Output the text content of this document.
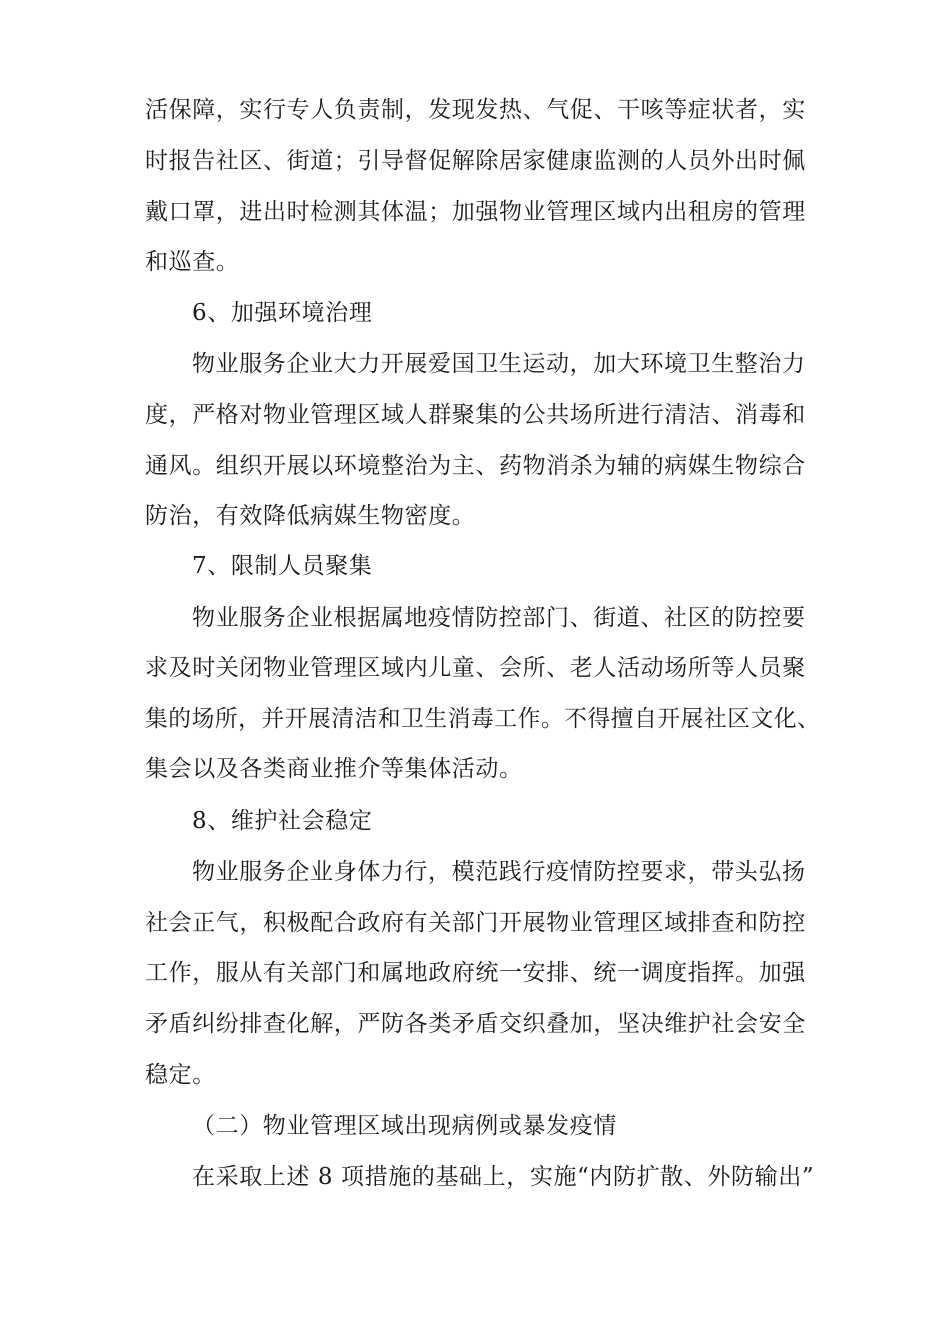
活保障，实行专人负责制，发现发热、气促、干咳等症状者，实
时报告社区、街道；引导督促解除居家健康监测的人员外出时佩
戴口罩，进出时检测其体温；加强物业管理区域内出租房的管理
和巡查。
6、加强环境治理
物业服务企业大力开展爱国卫生运动，加大环境卫生整治力
度，严格对物业管理区域人群聚集的公共场所进行清洁、消毒和
通风。组织开展以环境整治为主、药物消杀为辅的病媒生物综合
防治，有效降低病媒生物密度。
7、限制人员聚集
物业服务企业根据属地疫情防控部门、街道、社区的防控要
求及时关闭物业管理区域内儿童、会所、老人活动场所等人员聚
集的场所，并开展清洁和卫生消毒工作。不得擅自开展社区文化、
集会以及各类商业推介等集体活动。
8、维护社会稳定
物业服务企业身体力行，模范践行疫情防控要求，带头弘扬
社会正气，积极配合政府有关部门开展物业管理区域排查和防控
工作，服从有关部门和属地政府统一安排、统一调度指挥。加强
矛盾纠纷排查化解，严防各类矛盾交织叠加，坚决维护社会安全
稳定。
（二）物业管理区域出现病例或暴发疫情
在采取上述 8 项措施的基础上，实施“内防扩散、外防输出”
